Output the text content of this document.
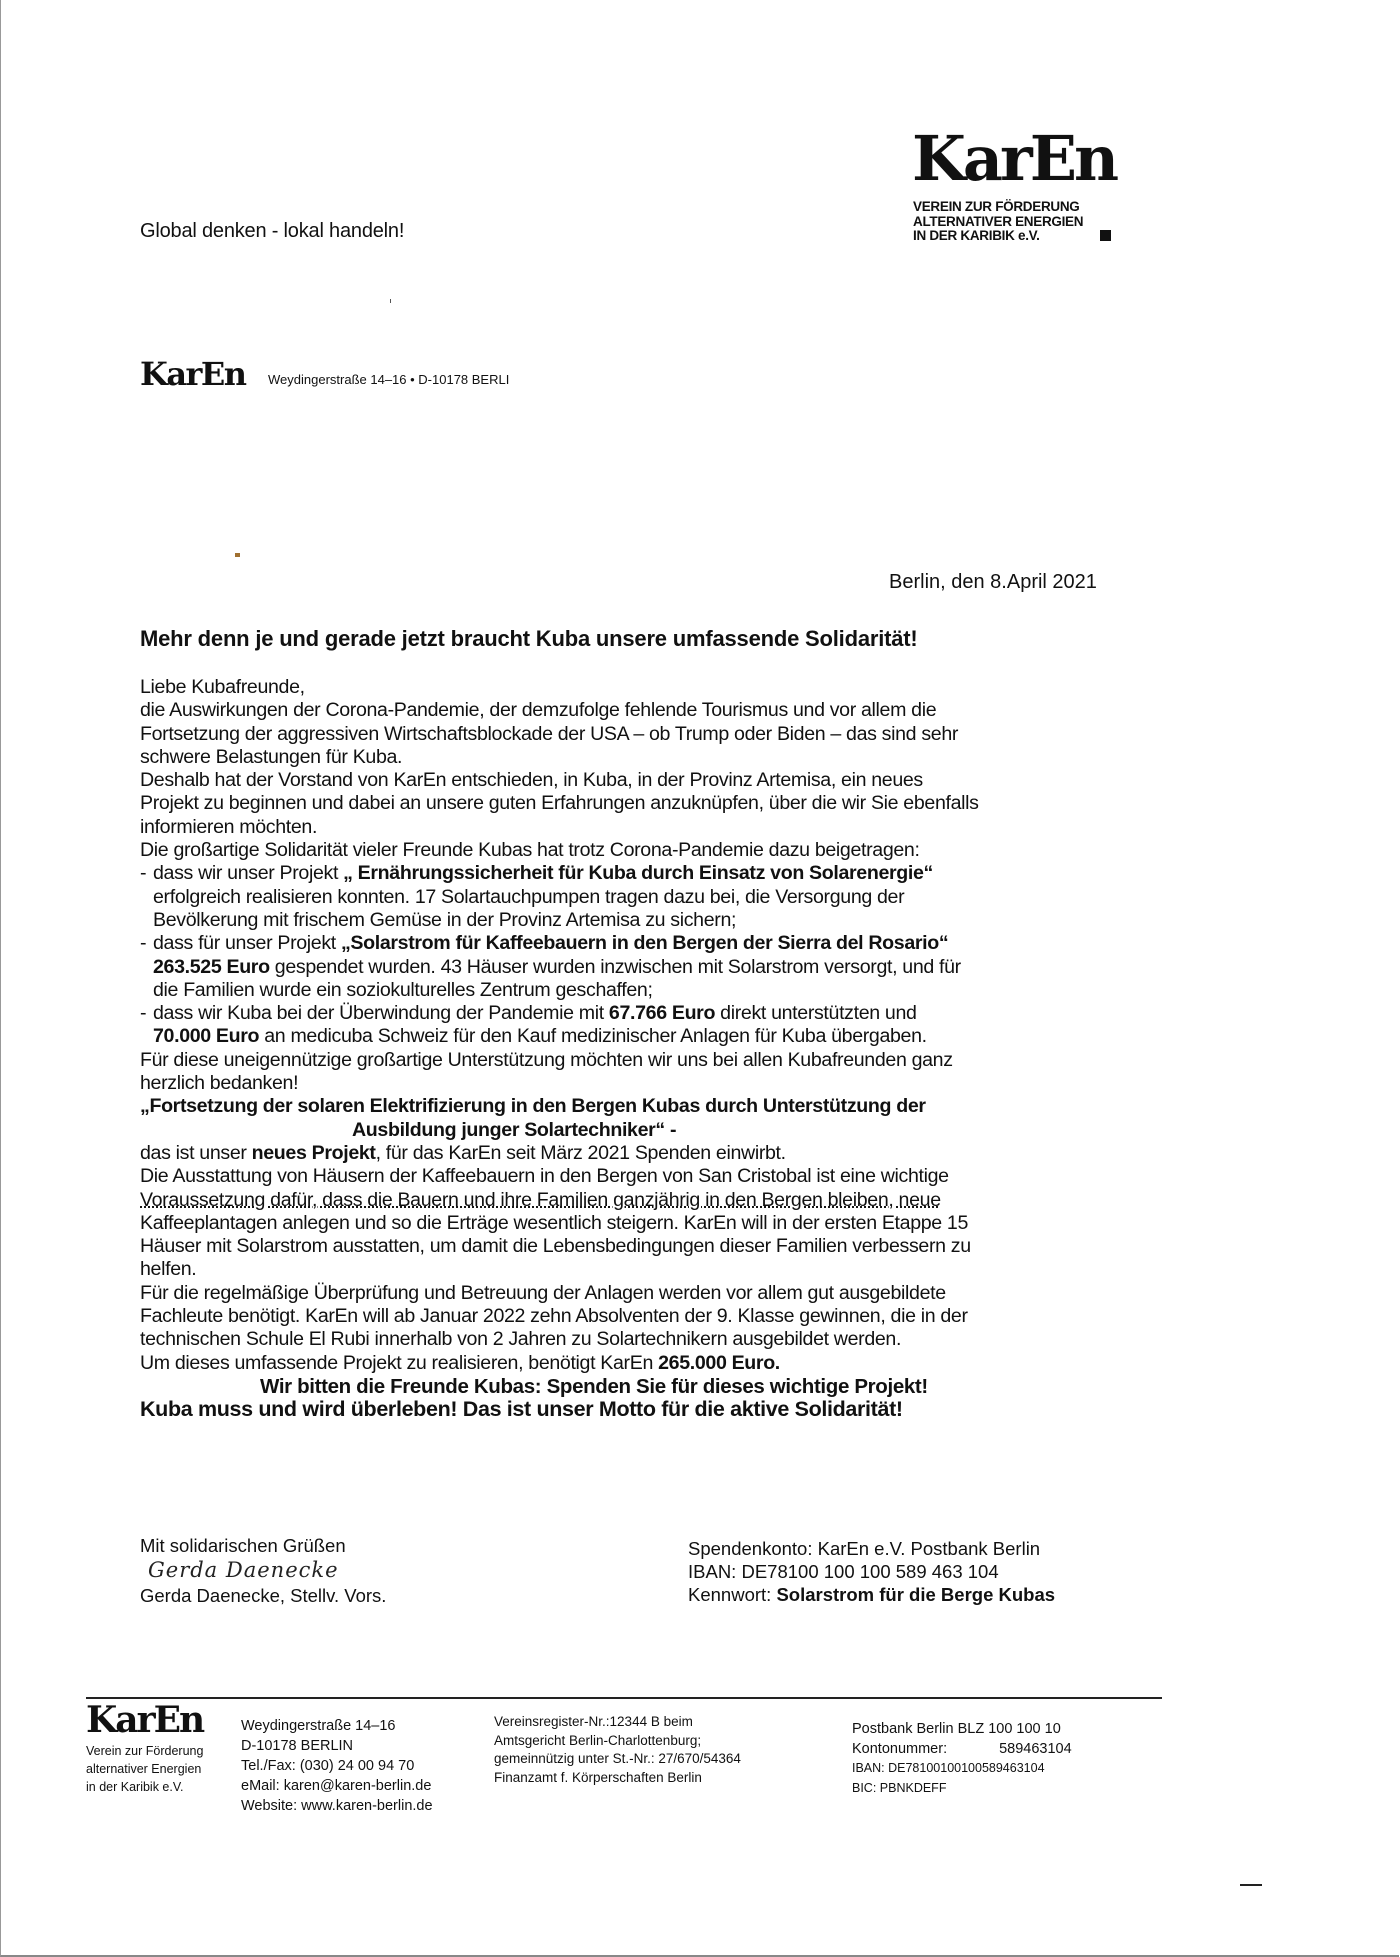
Global denken - lokal handeln!
KarEn
VEREIN ZUR FÖRDERUNG
ALTERNATIVER ENERGIEN
IN DER KARIBIK e.V.
KarEn Weydingerstraße 14–16 • D-10178 BERLI
Berlin, den 8.April 2021
Mehr denn je und gerade jetzt braucht Kuba unsere umfassende Solidarität!

Liebe Kubafreunde,

die Auswirkungen der Corona-Pandemie, der demzufolge fehlende Tourismus und vor allem die

Fortsetzung der aggressiven Wirtschaftsblockade der USA – ob Trump oder Biden – das sind sehr

schwere Belastungen für Kuba.

Deshalb hat der Vorstand von KarEn entschieden, in Kuba, in der Provinz Artemisa, ein neues

Projekt zu beginnen und dabei an unsere guten Erfahrungen anzuknüpfen, über die wir Sie ebenfalls

informieren möchten.

Die großartige Solidarität vieler Freunde Kubas hat trotz Corona-Pandemie dazu beigetragen:

- dass wir unser Projekt „ Ernährungssicherheit für Kuba durch Einsatz von Solarenergie“

erfolgreich realisieren konnten. 17 Solartauchpumpen tragen dazu bei, die Versorgung der

Bevölkerung mit frischem Gemüse in der Provinz Artemisa zu sichern;

- dass für unser Projekt „Solarstrom für Kaffeebauern in den Bergen der Sierra del Rosario“

263.525 Euro gespendet wurden. 43 Häuser wurden inzwischen mit Solarstrom versorgt, und für

die Familien wurde ein soziokulturelles Zentrum geschaffen;

- dass wir Kuba bei der Überwindung der Pandemie mit 67.766 Euro direkt unterstützten und

70.000 Euro an medicuba Schweiz für den Kauf medizinischer Anlagen für Kuba übergaben.

Für diese uneigennützige großartige Unterstützung möchten wir uns bei allen Kubafreunden ganz

herzlich bedanken!

„Fortsetzung der solaren Elektrifizierung in den Bergen Kubas durch Unterstützung der

Ausbildung junger Solartechniker“ -

das ist unser neues Projekt, für das KarEn seit März 2021 Spenden einwirbt.

Die Ausstattung von Häusern der Kaffeebauern in den Bergen von San Cristobal ist eine wichtige

Voraussetzung dafür, dass die Bauern und ihre Familien ganzjährig in den Bergen bleiben, neue

Kaffeeplantagen anlegen und so die Erträge wesentlich steigern. KarEn will in der ersten Etappe 15

Häuser mit Solarstrom ausstatten, um damit die Lebensbedingungen dieser Familien verbessern zu

helfen.

Für die regelmäßige Überprüfung und Betreuung der Anlagen werden vor allem gut ausgebildete

Fachleute benötigt. KarEn will ab Januar 2022 zehn Absolventen der 9. Klasse gewinnen, die in der

technischen Schule El Rubi innerhalb von 2 Jahren zu Solartechnikern ausgebildet werden.

Um dieses umfassende Projekt zu realisieren, benötigt KarEn 265.000 Euro.

Wir bitten die Freunde Kubas: Spenden Sie für dieses wichtige Projekt!

Kuba muss und wird überleben! Das ist unser Motto für die aktive Solidarität!

Mit solidarischen Grüßen
Gerda Daenecke
Gerda Daenecke, Stellv. Vors.
Spendenkonto: KarEn e.V. Postbank Berlin
IBAN: DE78100 100 100 589 463 104
Kennwort: Solarstrom für die Berge Kubas
KarEn
Verein zur Förderung
alternativer Energien
in der Karibik e.V.
Weydingerstraße 14–16
D-10178 BERLIN
Tel./Fax: (030) 24 00 94 70
eMail: karen@karen-berlin.de
Website: www.karen-berlin.de
Vereinsregister-Nr.:12344 B beim
Amtsgericht Berlin-Charlottenburg;
gemeinnützig unter St.-Nr.: 27/670/54364
Finanzamt f. Körperschaften Berlin
Postbank Berlin BLZ 100 100 10
Kontonummer:	589463104
IBAN: DE78100100100589463104
BIC: PBNKDEFF
